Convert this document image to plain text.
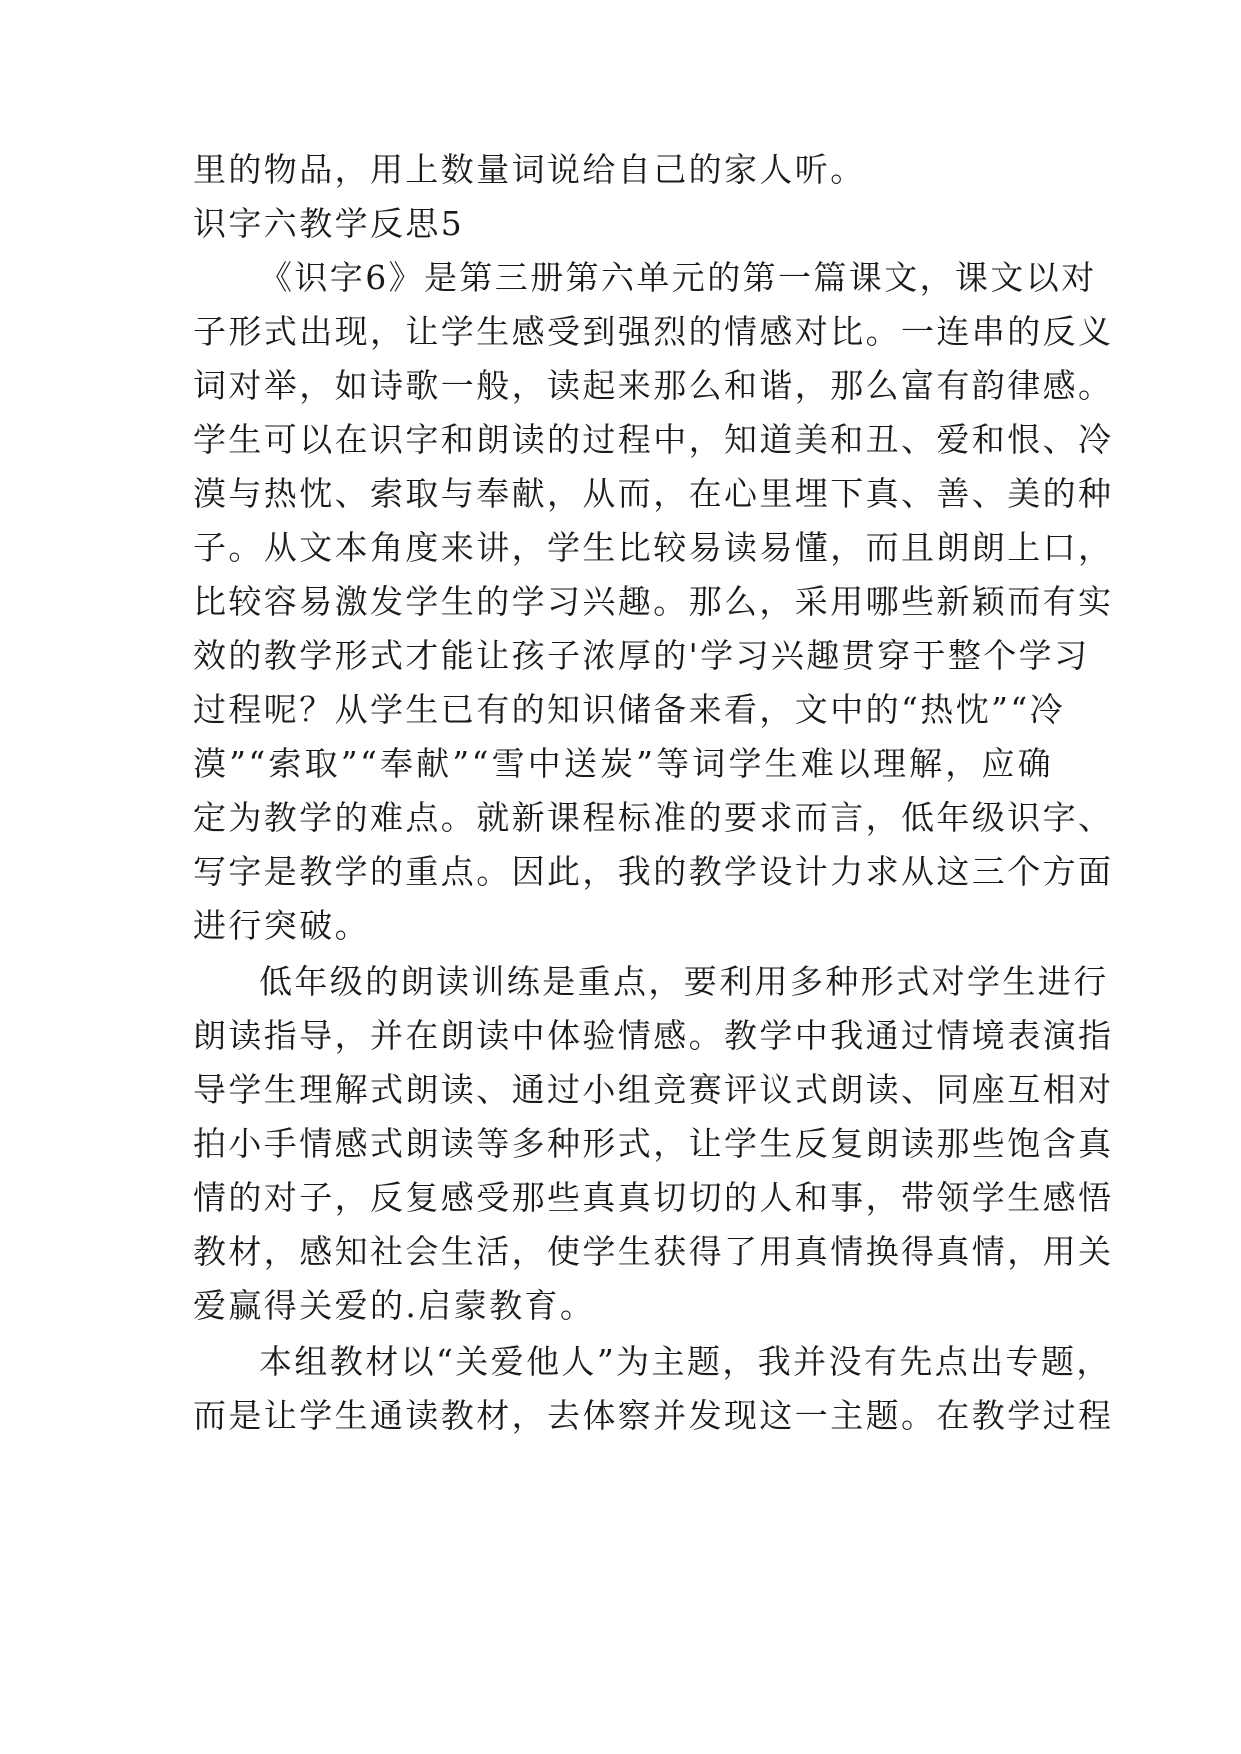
里的物品，用上数量词说给自己的家人听。
识字六教学反思5
《识字6》是第三册第六单元的第一篇课文，课文以对
子形式出现，让学生感受到强烈的情感对比。一连串的反义
词对举，如诗歌一般，读起来那么和谐，那么富有韵律感。
学生可以在识字和朗读的过程中，知道美和丑、爱和恨、冷
漠与热忱、索取与奉献，从而，在心里埋下真、善、美的种
子。从文本角度来讲，学生比较易读易懂，而且朗朗上口，
比较容易激发学生的学习兴趣。那么，采用哪些新颖而有实
效的教学形式才能让孩子浓厚的'学习兴趣贯穿于整个学习
过程呢？从学生已有的知识储备来看，文中的“热忱”“冷
漠”“索取”“奉献”“雪中送炭”等词学生难以理解，应确
定为教学的难点。就新课程标准的要求而言，低年级识字、
写字是教学的重点。因此，我的教学设计力求从这三个方面
进行突破。
低年级的朗读训练是重点，要利用多种形式对学生进行
朗读指导，并在朗读中体验情感。教学中我通过情境表演指
导学生理解式朗读、通过小组竞赛评议式朗读、同座互相对
拍小手情感式朗读等多种形式，让学生反复朗读那些饱含真
情的对子，反复感受那些真真切切的人和事，带领学生感悟
教材，感知社会生活，使学生获得了用真情换得真情，用关
爱赢得关爱的.启蒙教育。
本组教材以“关爱他人”为主题，我并没有先点出专题，
而是让学生通读教材，去体察并发现这一主题。在教学过程
